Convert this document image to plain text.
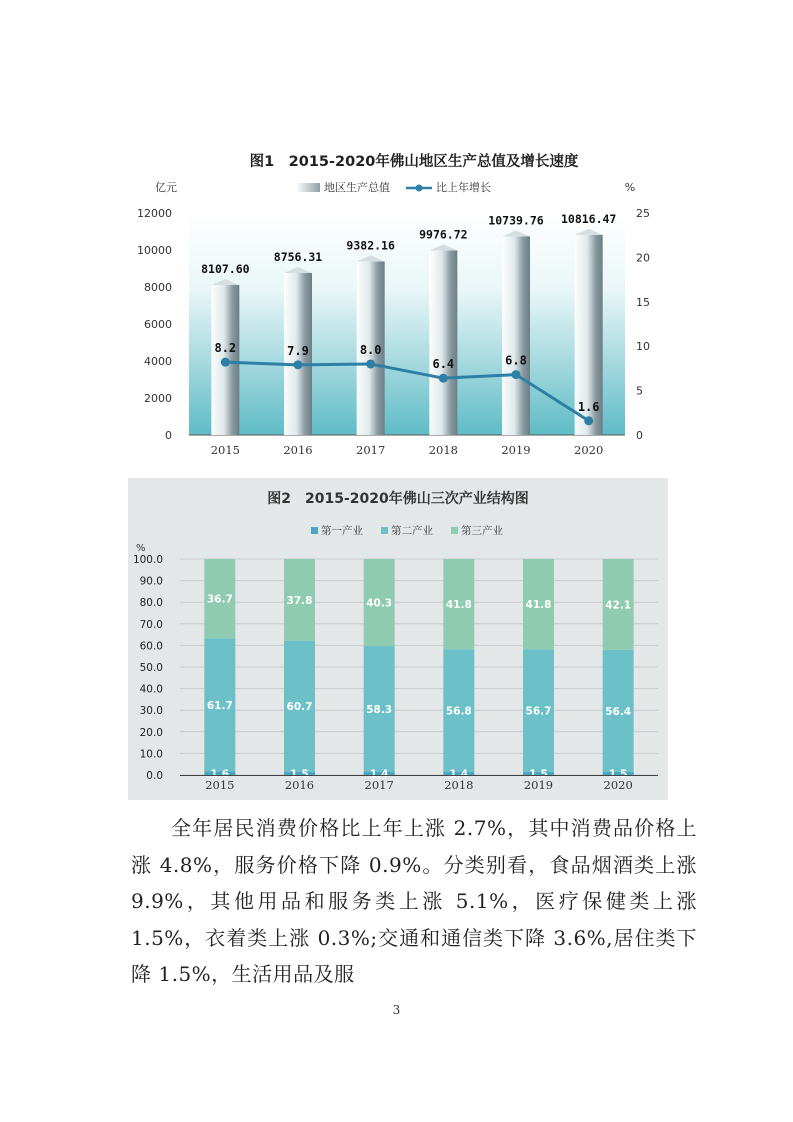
图1　2015-2020年佛山地区生产总值及增长速度
亿元	%
地区生产总值	比上年增长
0
2000
4000
6000
8000
10000
12000
0
5
10
15
20
25
8107.60
8756.31
9382.16
9976.72
10739.76 10816.47
8.2	7.9	8.0
6.4	6.8
1.6
2015	2016	2017	2018	2019	2020
图2　2015-2020年佛山三次产业结构图
第一产业	第二产业	第三产业
%
0.0
10.0
20.0
30.0
40.0
50.0
60.0
70.0
80.0
90.0
100.0
1.6
61.7
36.7
1.5
60.7
37.8
1.4
58.3
40.3
1.4
56.8
41.8
1.5
56.7
41.8
1.5
56.4
42.1
2015	2016	2017	2018	2019	2020

全年居民消费价格比上年上涨 2.7%，其中消费品价格上涨 4.8%，服务价格下降 0.9%。分类别看，食品烟酒类上涨 9.9%，其他用品和服务类上涨 5.1%，医疗保健类上涨 1.5%，衣着类上涨 0.3%;交通和通信类下降 3.6%,居住类下降 1.5%，生活用品及服

3
